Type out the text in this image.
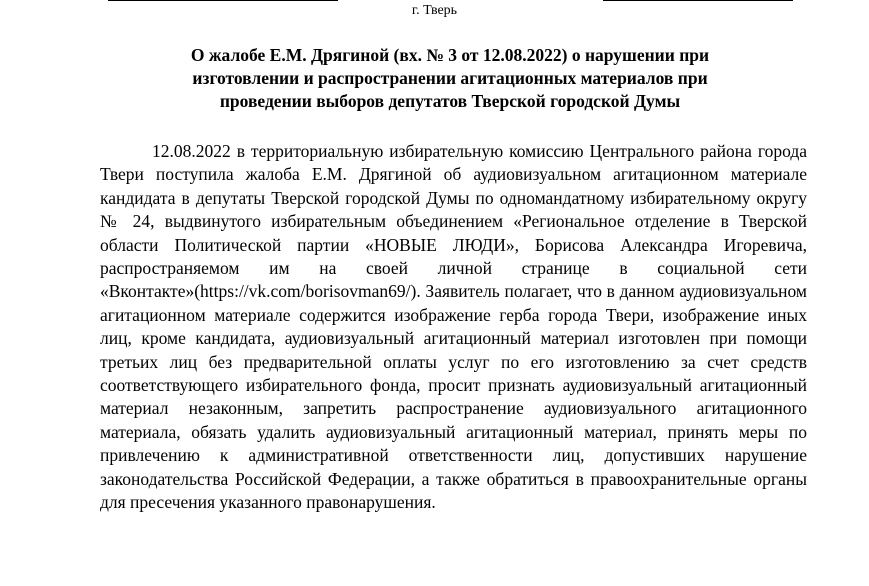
г. Тверь
О жалобе Е.М. Дрягиной (вх. № 3 от 12.08.2022) о нарушении при
изготовлении и распространении агитационных материалов при
проведении выборов депутатов Тверской городской Думы

12.08.2022 в территориальную избирательную комиссию Центрального района города Твери поступила жалоба Е.М. Дрягиной об аудиовизуальном агитационном материале кандидата в депутаты Тверской городской Думы по одномандатному избирательному округу № 24, выдвинутого избирательным объединением «Региональное отделение в Тверской области Политической партии «НОВЫЕ ЛЮДИ», Борисова Александра Игоревича, распространяемом им на своей личной странице в социальной сети «Вконтакте»(https://vk.com/borisovman69/). Заявитель полагает, что в данном аудиовизуальном агитационном материале содержится изображение герба города Твери, изображение иных лиц, кроме кандидата, аудиовизуальный агитационный материал изготовлен при помощи третьих лиц без предварительной оплаты услуг по его изготовлению за счет средств соответствующего избирательного фонда, просит признать аудиовизуальный агитационный материал незаконным, запретить распространение аудиовизуального агитационного материала, обязать удалить аудиовизуальный агитационный материал, принять меры по привлечению к административной ответственности лиц, допустивших нарушение законодательства Российской Федерации, а также обратиться в правоохранительные органы для пресечения указанного правонарушения.
